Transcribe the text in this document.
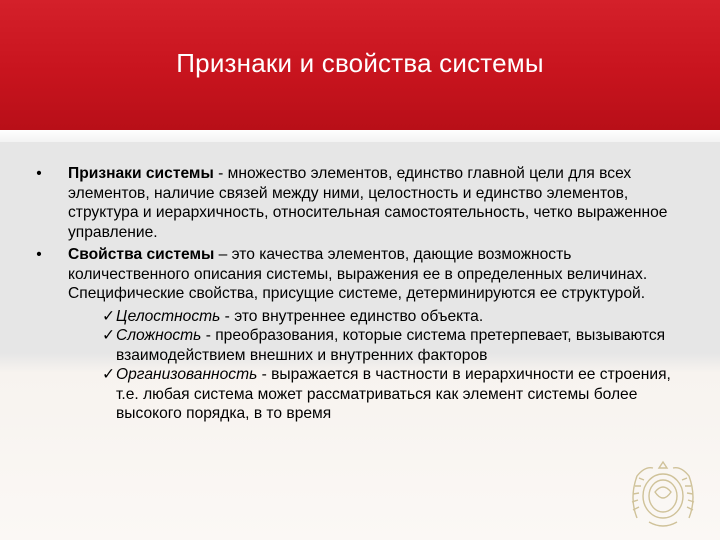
Признаки и свойства системы
• Признаки системы - множество элементов, единство главной цели для всех элементов, наличие связей между ними, целостность и единство элементов, структура и иерархичность, относительная самостоятельность, четко выраженное управление.
• Свойства системы – это качества элементов, дающие возможность количественного описания системы, выражения ее в определенных величинах. Специфические свойства, присущие системе, детерминируются ее структурой.
✓ Целостность - это внутреннее единство объекта.
✓ Сложность - преобразования, которые система претерпевает, вызываются взаимодействием внешних и внутренних факторов
✓ Организованность - выражается в частности в иерархичности ее строения, т.е. любая система может рассматриваться как элемент системы более высокого порядка, в то время
